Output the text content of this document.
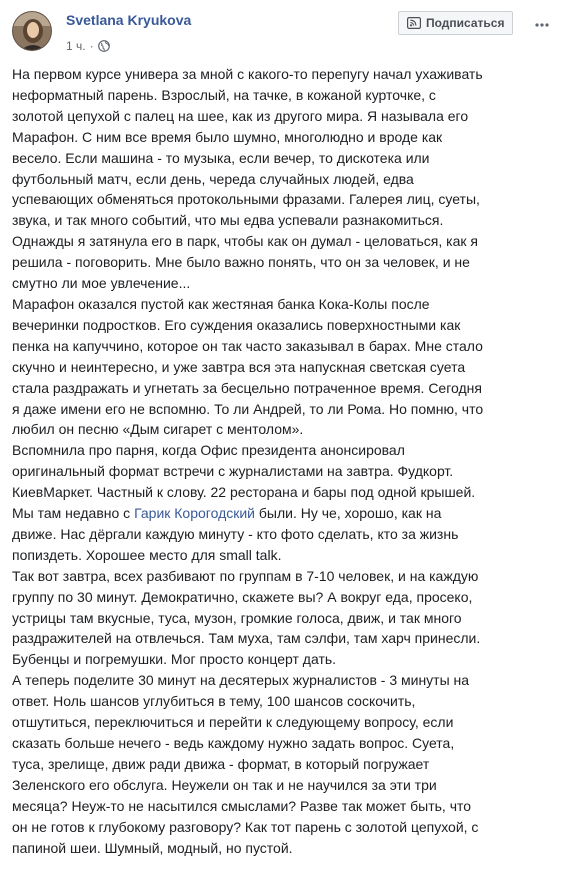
Svetlana Kryukova
1 ч. ·
Подписаться

На первом курсе универа за мной с какого-то перепугу начал ухаживать

неформатный парень. Взрослый, на тачке, в кожаной курточке, с

золотой цепухой с палец на шее, как из другого мира. Я называла его

Марафон. С ним все время было шумно, многолюдно и вроде как

весело. Если машина - то музыка, если вечер, то дискотека или

футбольный матч, если день, череда случайных людей, едва

успевающих обменяться протокольными фразами. Галерея лиц, суеты,

звука, и так много событий, что мы едва успевали разнакомиться.

Однажды я затянула его в парк, чтобы как он думал - целоваться, как я

решила - поговорить. Мне было важно понять, что он за человек, и не

смутно ли мое увлечение...

Марафон оказался пустой как жестяная банка Кока-Колы после

вечеринки подростков. Его суждения оказались поверхностными как

пенка на капуччино, которое он так часто заказывал в барах. Мне стало

скучно и неинтересно, и уже завтра вся эта напускная светская суета

стала раздражать и угнетать за бесцельно потраченное время. Сегодня

я даже имени его не вспомню. То ли Андрей, то ли Рома. Но помню, что

любил он песню «Дым сигарет с ментолом».

Вспомнила про парня, когда Офис президента анонсировал

оригинальный формат встречи с журналистами на завтра. Фудкорт.

КиевМаркет. Частный к слову. 22 ресторана и бары под одной крышей.

Мы там недавно с Гарик Корогодский были. Ну че, хорошо, как на

движе. Нас дёргали каждую минуту - кто фото сделать, кто за жизнь

попиздеть. Хорошее место для small talk.

Так вот завтра, всех разбивают по группам в 7-10 человек, и на каждую

группу по 30 минут. Демократично, скажете вы? А вокруг еда, просеко,

устрицы там вкусные, туса, музон, громкие голоса, движ, и так много

раздражителей на отвлечься. Там муха, там сэлфи, там харч принесли.

Бубенцы и погремушки. Мог просто концерт дать.

А теперь поделите 30 минут на десятерых журналистов - 3 минуты на

ответ. Ноль шансов углубиться в тему, 100 шансов соскочить,

отшутиться, переключиться и перейти к следующему вопросу, если

сказать больше нечего - ведь каждому нужно задать вопрос. Суета,

туса, зрелище, движ ради движа - формат, в который погружает

Зеленского его обслуга. Неужели он так и не научился за эти три

месяца? Неуж-то не насытился смыслами? Разве так может быть, что

он не готов к глубокому разговору? Как тот парень с золотой цепухой, с

папиной шеи. Шумный, модный, но пустой.
